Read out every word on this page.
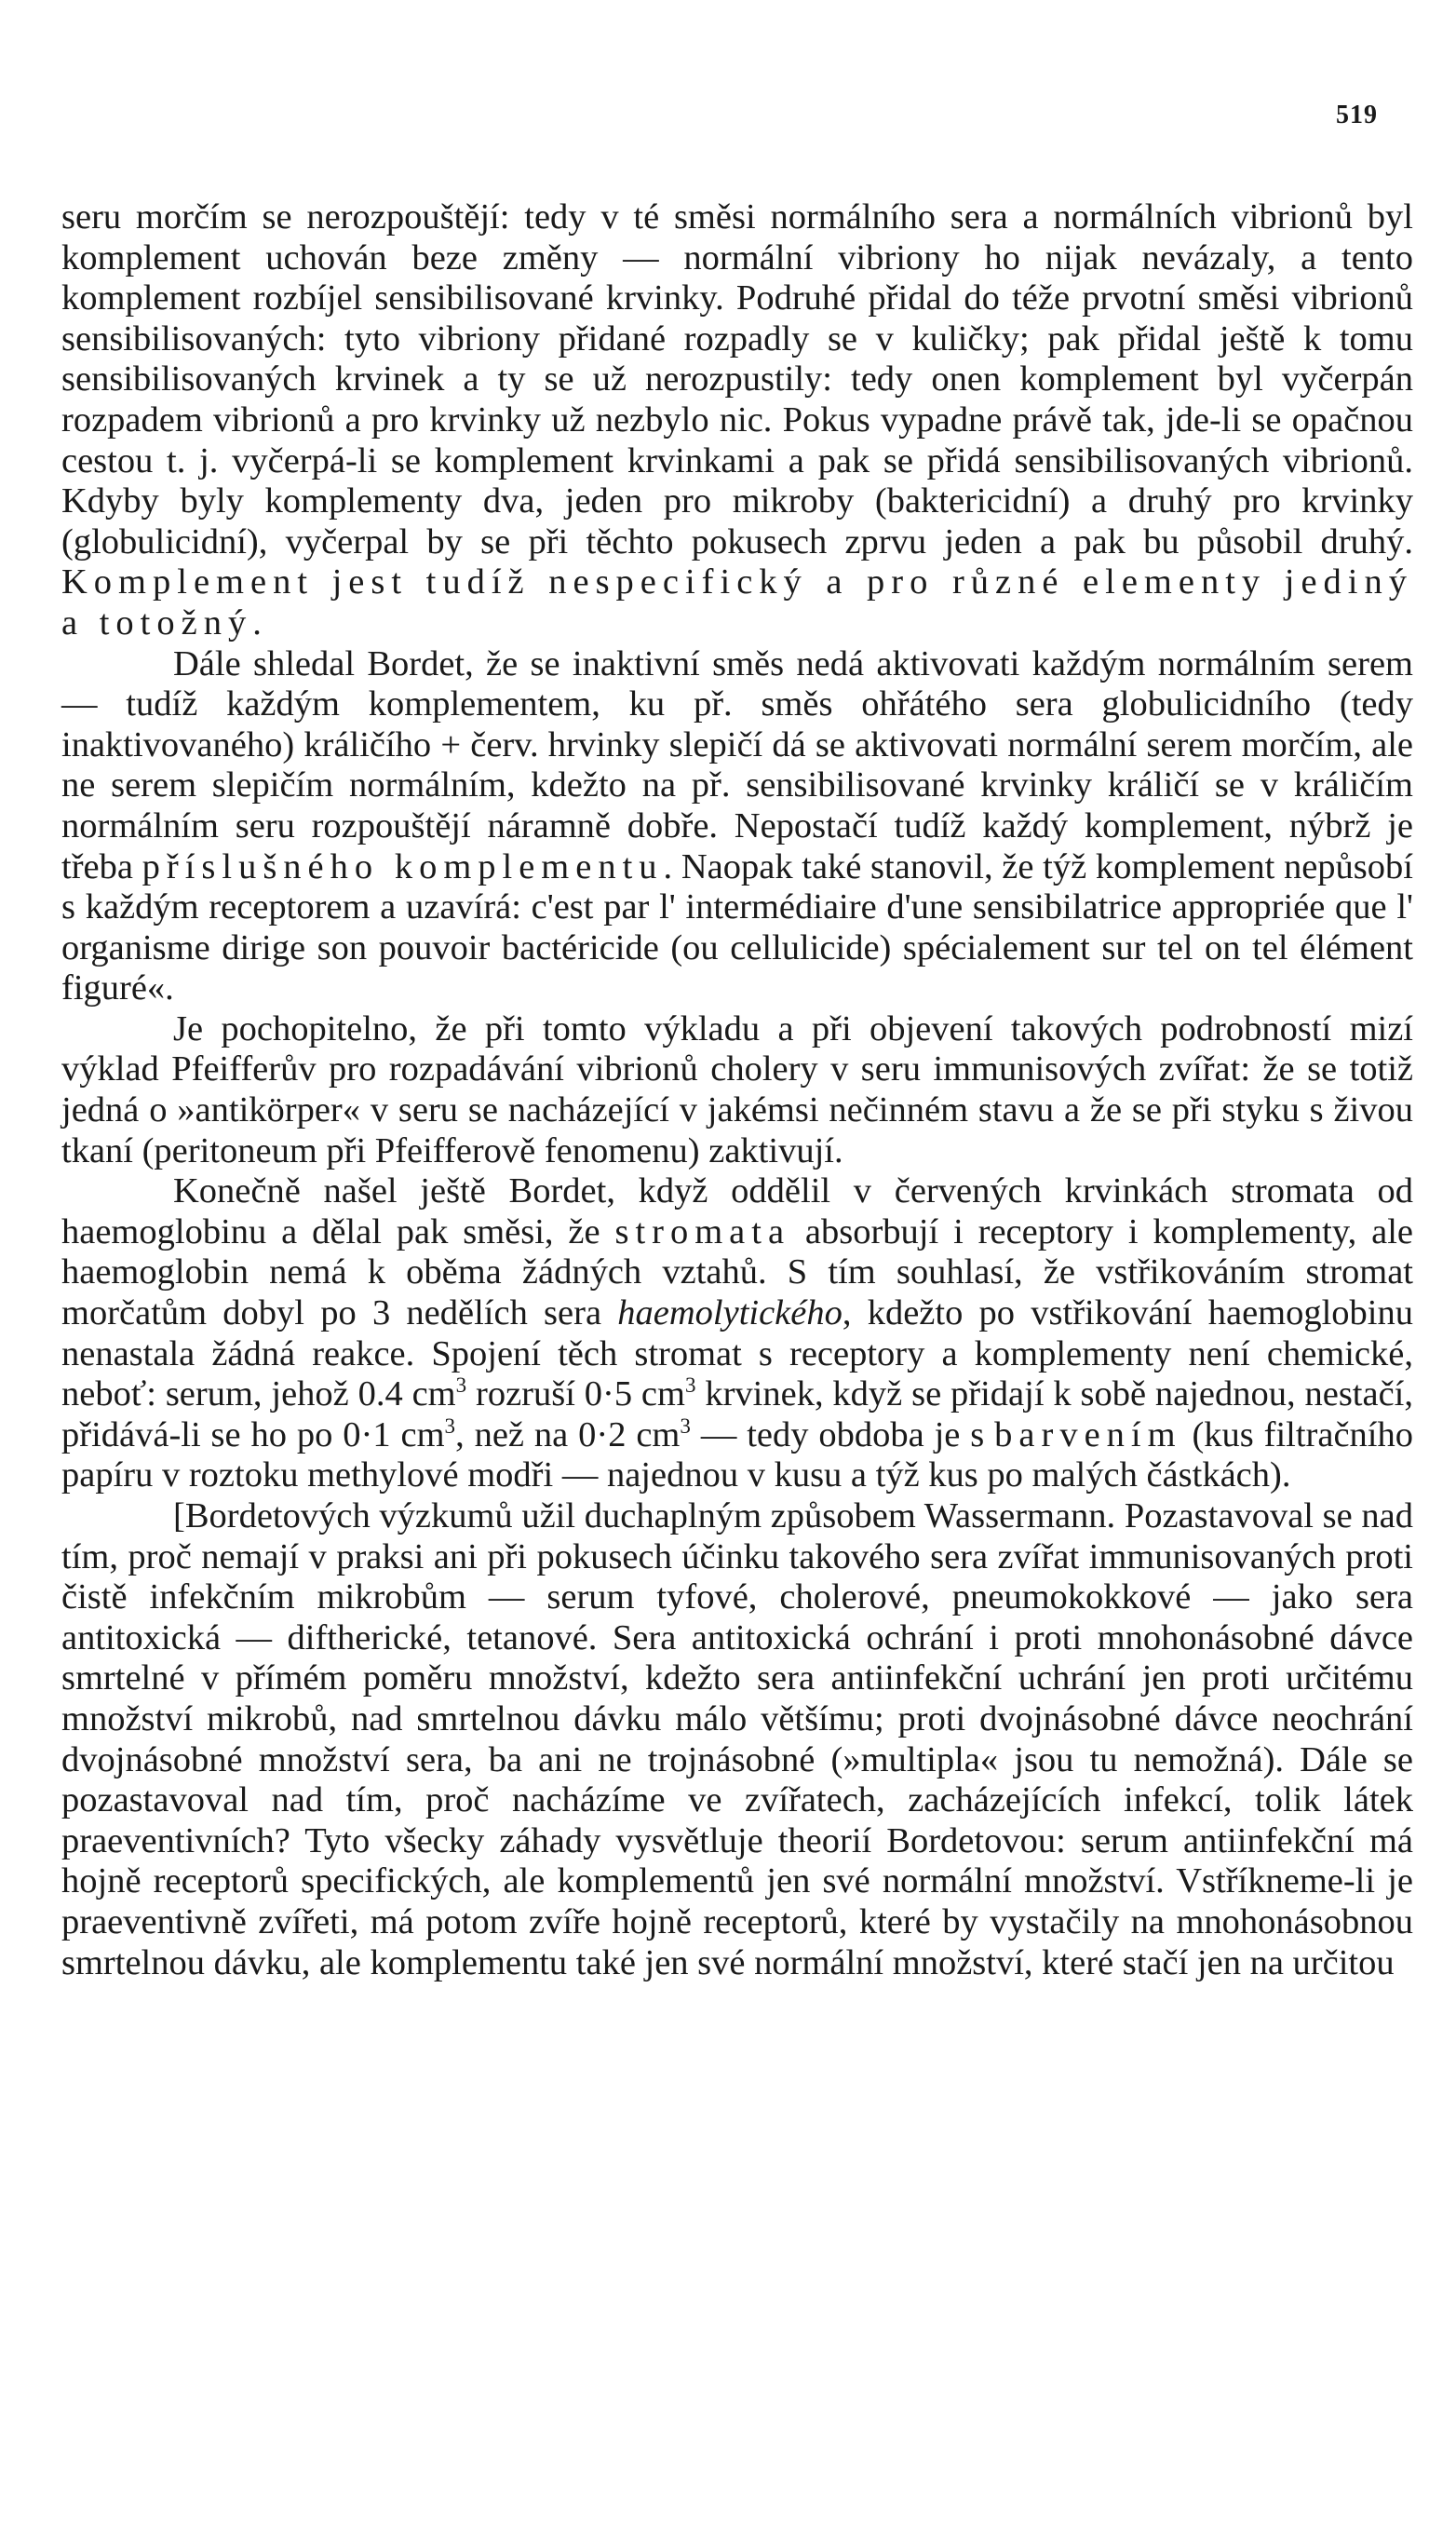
519

seru morčím se nerozpouštějí: tedy v té směsi normálního sera a normálních vibrionů byl komplement uchován beze změny — normální vibriony ho nijak nevázaly, a tento komplement rozbíjel sensibilisované krvinky. Podruhé přidal do téže prvotní směsi vibrionů sensibilisovaných: tyto vibriony přidané rozpadly se v kuličky; pak přidal ještě k tomu sensibilisovaných krvinek a ty se už nerozpustily: tedy onen komplement byl vyčerpán rozpadem vibrionů a pro krvinky už nezbylo nic. Pokus vypadne právě tak, jde-li se opačnou cestou t. j. vyčerpá-li se komplement krvinkami a pak se přidá sensibilisovaných vibrionů. Kdyby byly komplementy dva, jeden pro mikroby (baktericidní) a druhý pro krvinky (globulicidní), vyčerpal by se při těchto pokusech zprvu jeden a pak bu působil druhý. Komplement jest tudíž nespecifický a pro různé elementy jediný a totožný.

Dále shledal Bordet, že se inaktivní směs nedá aktivovati každým normálním serem — tudíž každým komplementem, ku př. směs ohřátého sera globulicidního (tedy inaktivovaného) králičího + červ. hrvinky slepičí dá se aktivovati normální serem morčím, ale ne serem slepičím normálním, kdežto na př. sensibilisované krvinky králičí se v králičím normálním seru rozpouštějí náramně dobře. Nepostačí tudíž každý komplement, nýbrž je třeba příslušného komplementu. Naopak také stanovil, že týž komplement nepůsobí s každým receptorem a uzavírá: c'est par l' intermédiaire d'une sensibilatrice appropriée que l' organisme dirige son pouvoir bactéricide (ou cellulicide) spécialement sur tel on tel élément figuré«.

Je pochopitelno, že při tomto výkladu a při objevení takových podrobností mizí výklad Pfeifferův pro rozpadávání vibrionů cholery v seru immunisových zvířat: že se totiž jedná o »antikörper« v seru se nacházející v jakémsi nečinném stavu a že se při styku s živou tkaní (peritoneum při Pfeifferově fenomenu) zaktivují.

Konečně našel ještě Bordet, když oddělil v červených krvinkách stromata od haemoglobinu a dělal pak směsi, že stromata absorbují i receptory i komplementy, ale haemoglobin nemá k oběma žádných vztahů. S tím souhlasí, že vstřikováním stromat morčatům dobyl po 3 nedělích sera haemolytického, kdežto po vstřikování haemoglobinu nenastala žádná reakce. Spojení těch stromat s receptory a komplementy není chemické, neboť: serum, jehož 0.4 $cm^3$ rozruší 0·5 $cm^3$ krvinek, když se přidají k sobě najednou, nestačí, přidává-li se ho po 0·1 $cm^3$, než na 0·2 $cm^3$ — tedy obdoba je s barvením (kus filtračního papíru v roztoku methylové modři — najednou v kusu a týž kus po malých částkách).

[Bordetových výzkumů užil duchaplným způsobem Wassermann. Pozastavoval se nad tím, proč nemají v praksi ani při pokusech účinku takového sera zvířat immunisovaných proti čistě infekčním mikrobům — serum tyfové, cholerové, pneumokokkové — jako sera antitoxická — diftherické, tetanové. Sera antitoxická ochrání i proti mnohonásobné dávce smrtelné v přímém poměru množství, kdežto sera antiinfekční uchrání jen proti určitému množství mikrobů, nad smrtelnou dávku málo většímu; proti dvojnásobné dávce neochrání dvojnásobné množství sera, ba ani ne trojnásobné (»multipla« jsou tu nemožná). Dále se pozastavoval nad tím, proč nacházíme ve zvířatech, zacházejících infekcí, tolik látek praeventivních? Tyto všecky záhady vysvětluje theorií Bordetovou: serum antiinfekční má hojně receptorů specifických, ale komplementů jen své normální množství. Vstříkneme-li je praeventivně zvířeti, má potom zvíře hojně receptorů, které by vystačily na mnohonásobnou smrtelnou dávku, ale komplementu také jen své normální množství, které stačí jen na určitou
